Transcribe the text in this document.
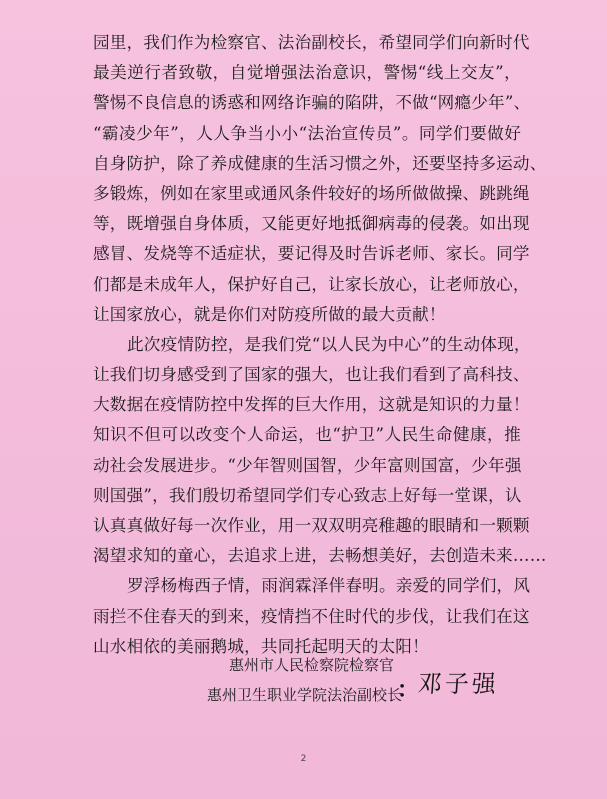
园 里 ， 我 们 作 为 检 察 官 、 法 治 副 校 长 ， 希 望 同 学 们 向 新 时 代
最 美 逆 行 者 致 敬 ， 自 觉 增 强 法 治 意 识 ， 警 惕 “ 线 上 交 友 ” ，
警 惕 不 良 信 息 的 诱 惑 和 网 络 诈 骗 的 陷 阱 ， 不 做 “ 网 瘾 少 年 ” 、
“ 霸 凌 少 年 ” ， 人 人 争 当 小 小 “ 法 治 宣 传 员 ” 。 同 学 们 要 做 好
自 身 防 护 ， 除 了 养 成 健 康 的 生 活 习 惯 之 外 ， 还 要 坚 持 多 运 动 、
多 锻 炼 ， 例 如 在 家 里 或 通 风 条 件 较 好 的 场 所 做 做 操 、 跳 跳 绳
等 ， 既 增 强 自 身 体 质 ， 又 能 更 好 地 抵 御 病 毒 的 侵 袭 。 如 出 现
感 冒 、 发 烧 等 不 适 症 状 ， 要 记 得 及 时 告 诉 老 师 、 家 长 。 同 学
们 都 是 未 成 年 人 ， 保 护 好 自 己 ， 让 家 长 放 心 ， 让 老 师 放 心 ，
让国家放心，就是你们对防疫所做的最大贡献！
此 次 疫 情 防 控 ， 是 我 们 党 “ 以 人 民 为 中 心 ” 的 生 动 体 现 ，
让 我 们 切 身 感 受 到 了 国 家 的 强 大 ， 也 让 我 们 看 到 了 高 科 技 、
大 数 据 在 疫 情 防 控 中 发 挥 的 巨 大 作 用 ， 这 就 是 知 识 的 力 量 ！
知 识 不 但 可 以 改 变 个 人 命 运 ， 也 “ 护 卫 ” 人 民 生 命 健 康 ， 推
动 社 会 发 展 进 步 。 “ 少 年 智 则 国 智 ， 少 年 富 则 国 富 ， 少 年 强
则 国 强 ” ， 我 们 殷 切 希 望 同 学 们 专 心 致 志 上 好 每 一 堂 课 ， 认
认 真 真 做 好 每 一 次 作 业 ， 用 一 双 双 明 亮 稚 趣 的 眼 睛 和 一 颗 颗
渴 望 求 知 的 童 心 ， 去 追 求 上 进 ， 去 畅 想 美 好 ， 去 创 造 未 来 … …
罗 浮 杨 梅 西 子 情 ， 雨 润 霖 泽 伴 春 明 。 亲 爱 的 同 学 们 ， 风
雨 拦 不 住 春 天 的 到 来 ， 疫 情 挡 不 住 时 代 的 步 伐 ， 让 我 们 在 这
山水相依的美丽鹅城，共同托起明天的太阳！
惠州市人民检察院检察官
惠州卫生职业学院法治副校长
：
邓子强
2
